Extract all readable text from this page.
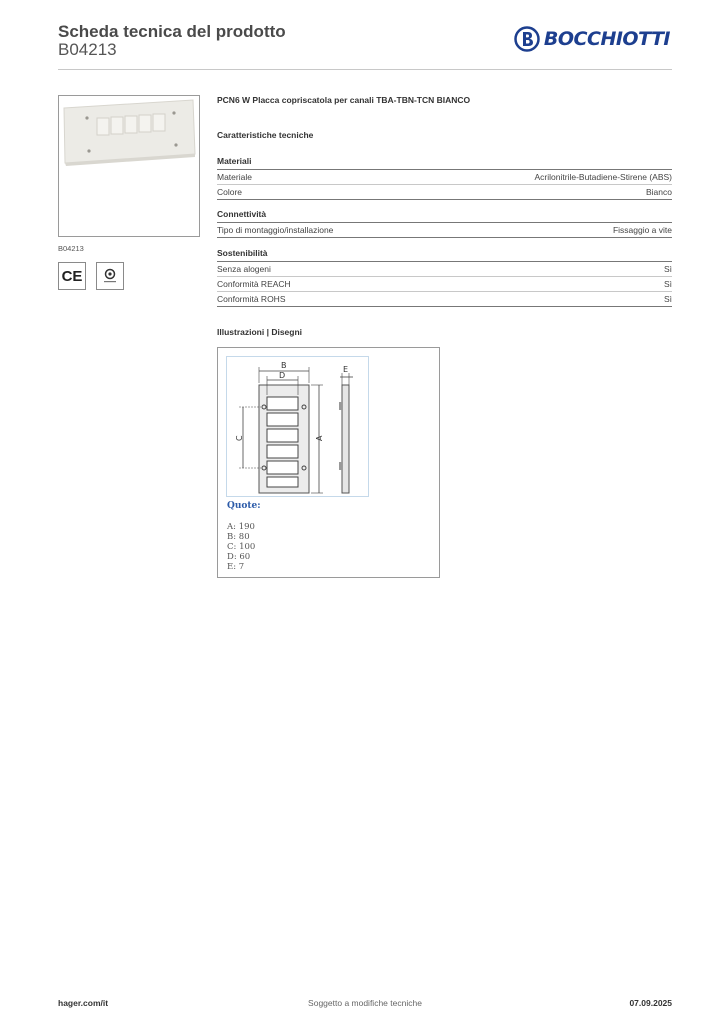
Scheda tecnica del prodotto
B04213	BOCCHIOTTI
B04213
CE
PCN6 W Placca copriscatola per canali TBA-TBN-TCN BIANCO
Caratteristiche tecniche
Materiali
Materiale	Acrilonitrile-Butadiene-Stirene (ABS)
Colore	Bianco
Connettività
Tipo di montaggio/installazione	Fissaggio a vite
Sostenibilità
Senza alogeni	Sì
Conformità REACH	Sì
Conformità ROHS	Sì
Illustrazioni | Disegni
B
D
C	A
E
Quote:
A: 190
B: 80
C: 100
D: 60
E: 7
hager.com/it	Soggetto a modifiche tecniche	07.09.2025
